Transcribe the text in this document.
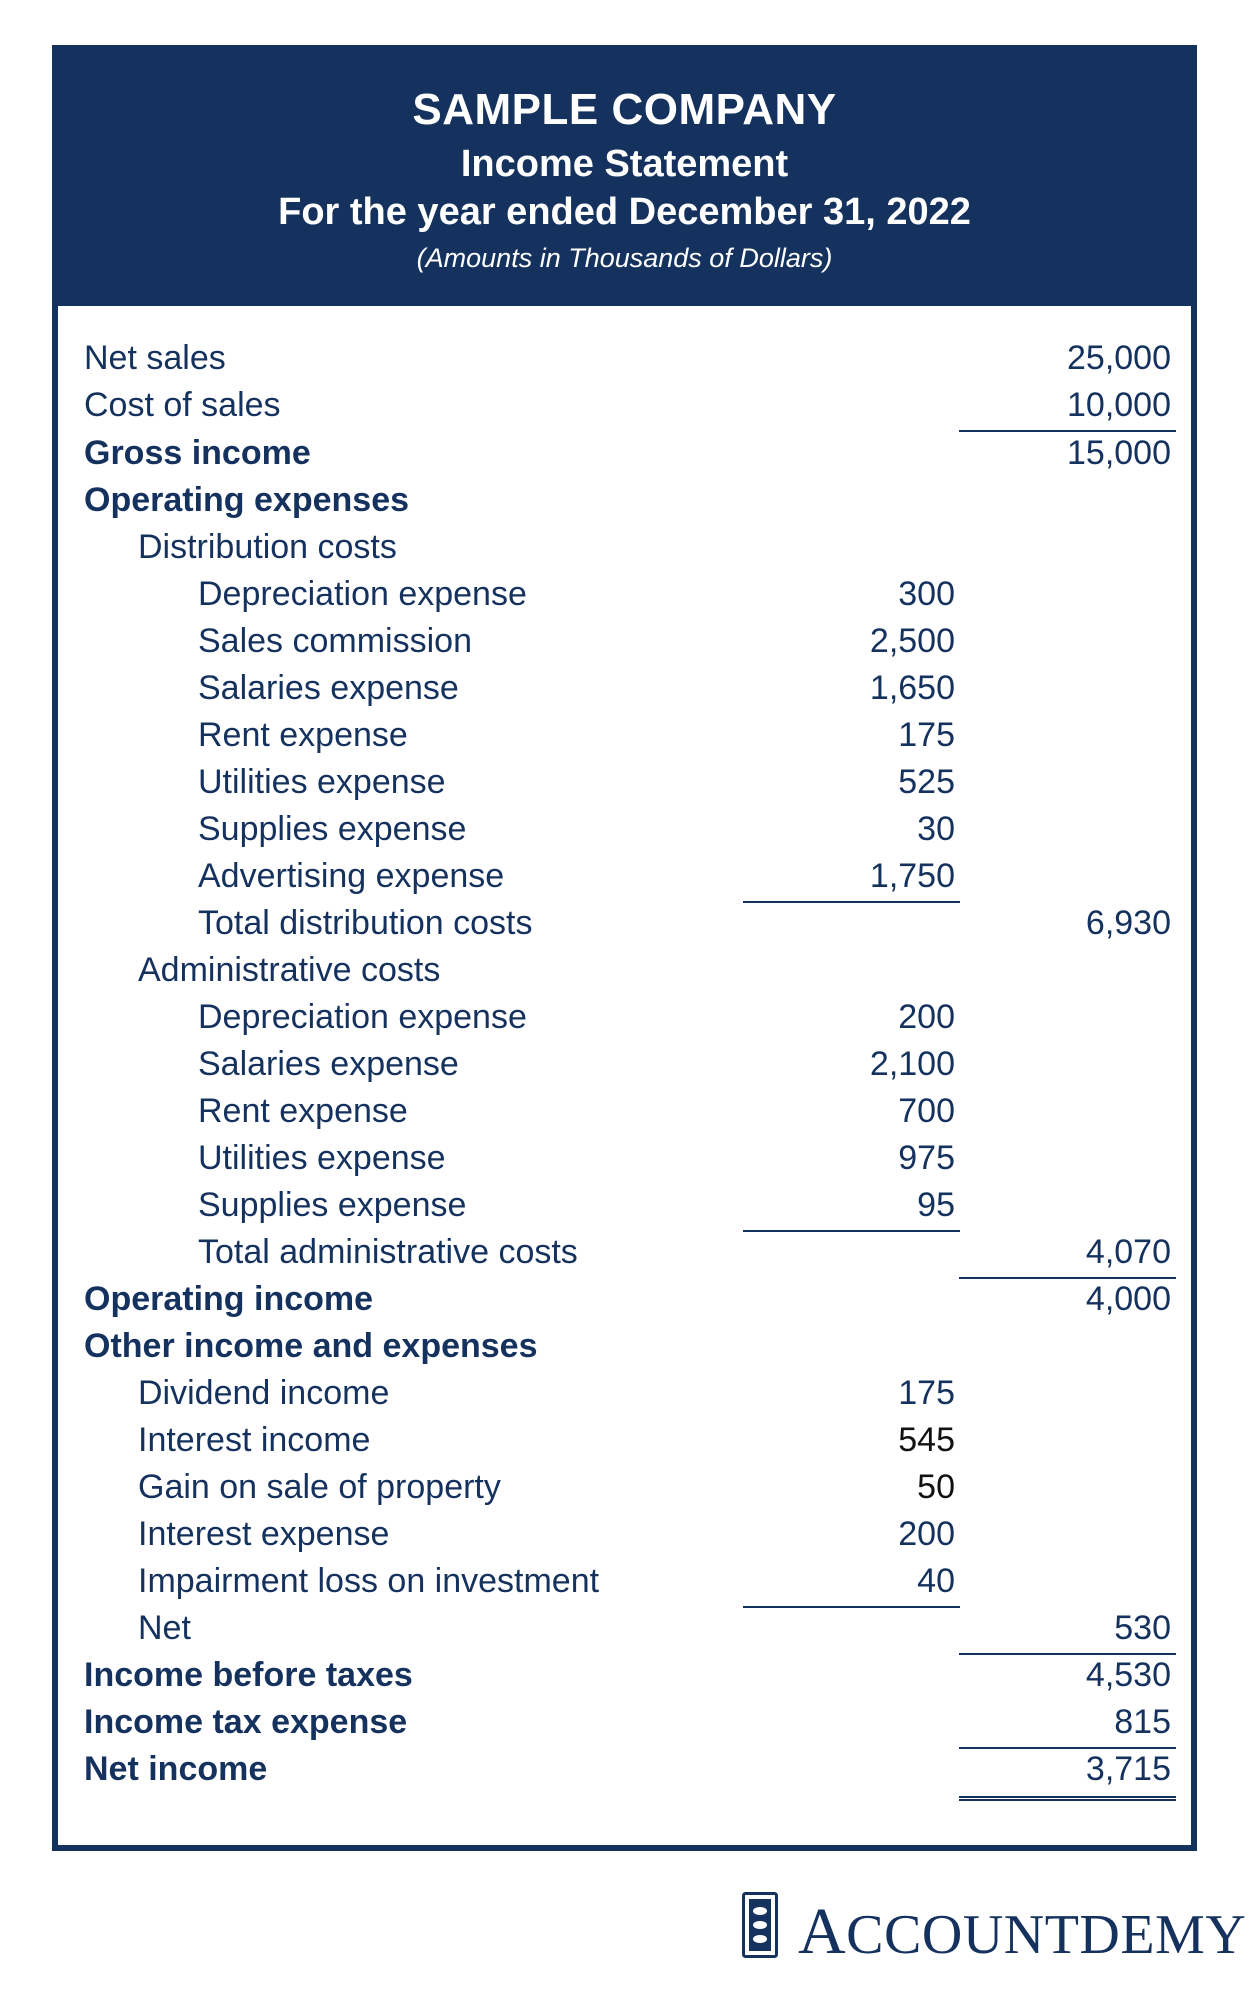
SAMPLE COMPANY
Income Statement
For the year ended December 31, 2022
(Amounts in Thousands of Dollars)
Net sales	25,000
Cost of sales	10,000
Gross income	15,000
Operating expenses
Distribution costs
Depreciation expense	300
Sales commission	2,500
Salaries expense	1,650
Rent expense	175
Utilities expense	525
Supplies expense	30
Advertising expense	1,750
Total distribution costs	6,930
Administrative costs
Depreciation expense	200
Salaries expense	2,100
Rent expense	700
Utilities expense	975
Supplies expense	95
Total administrative costs	4,070
Operating income	4,000
Other income and expenses
Dividend income	175
Interest income	545
Gain on sale of property	50
Interest expense	200
Impairment loss on investment	40
Net	530
Income before taxes	4,530
Income tax expense	815
Net income	3,715
ACCOUNTDEMY
